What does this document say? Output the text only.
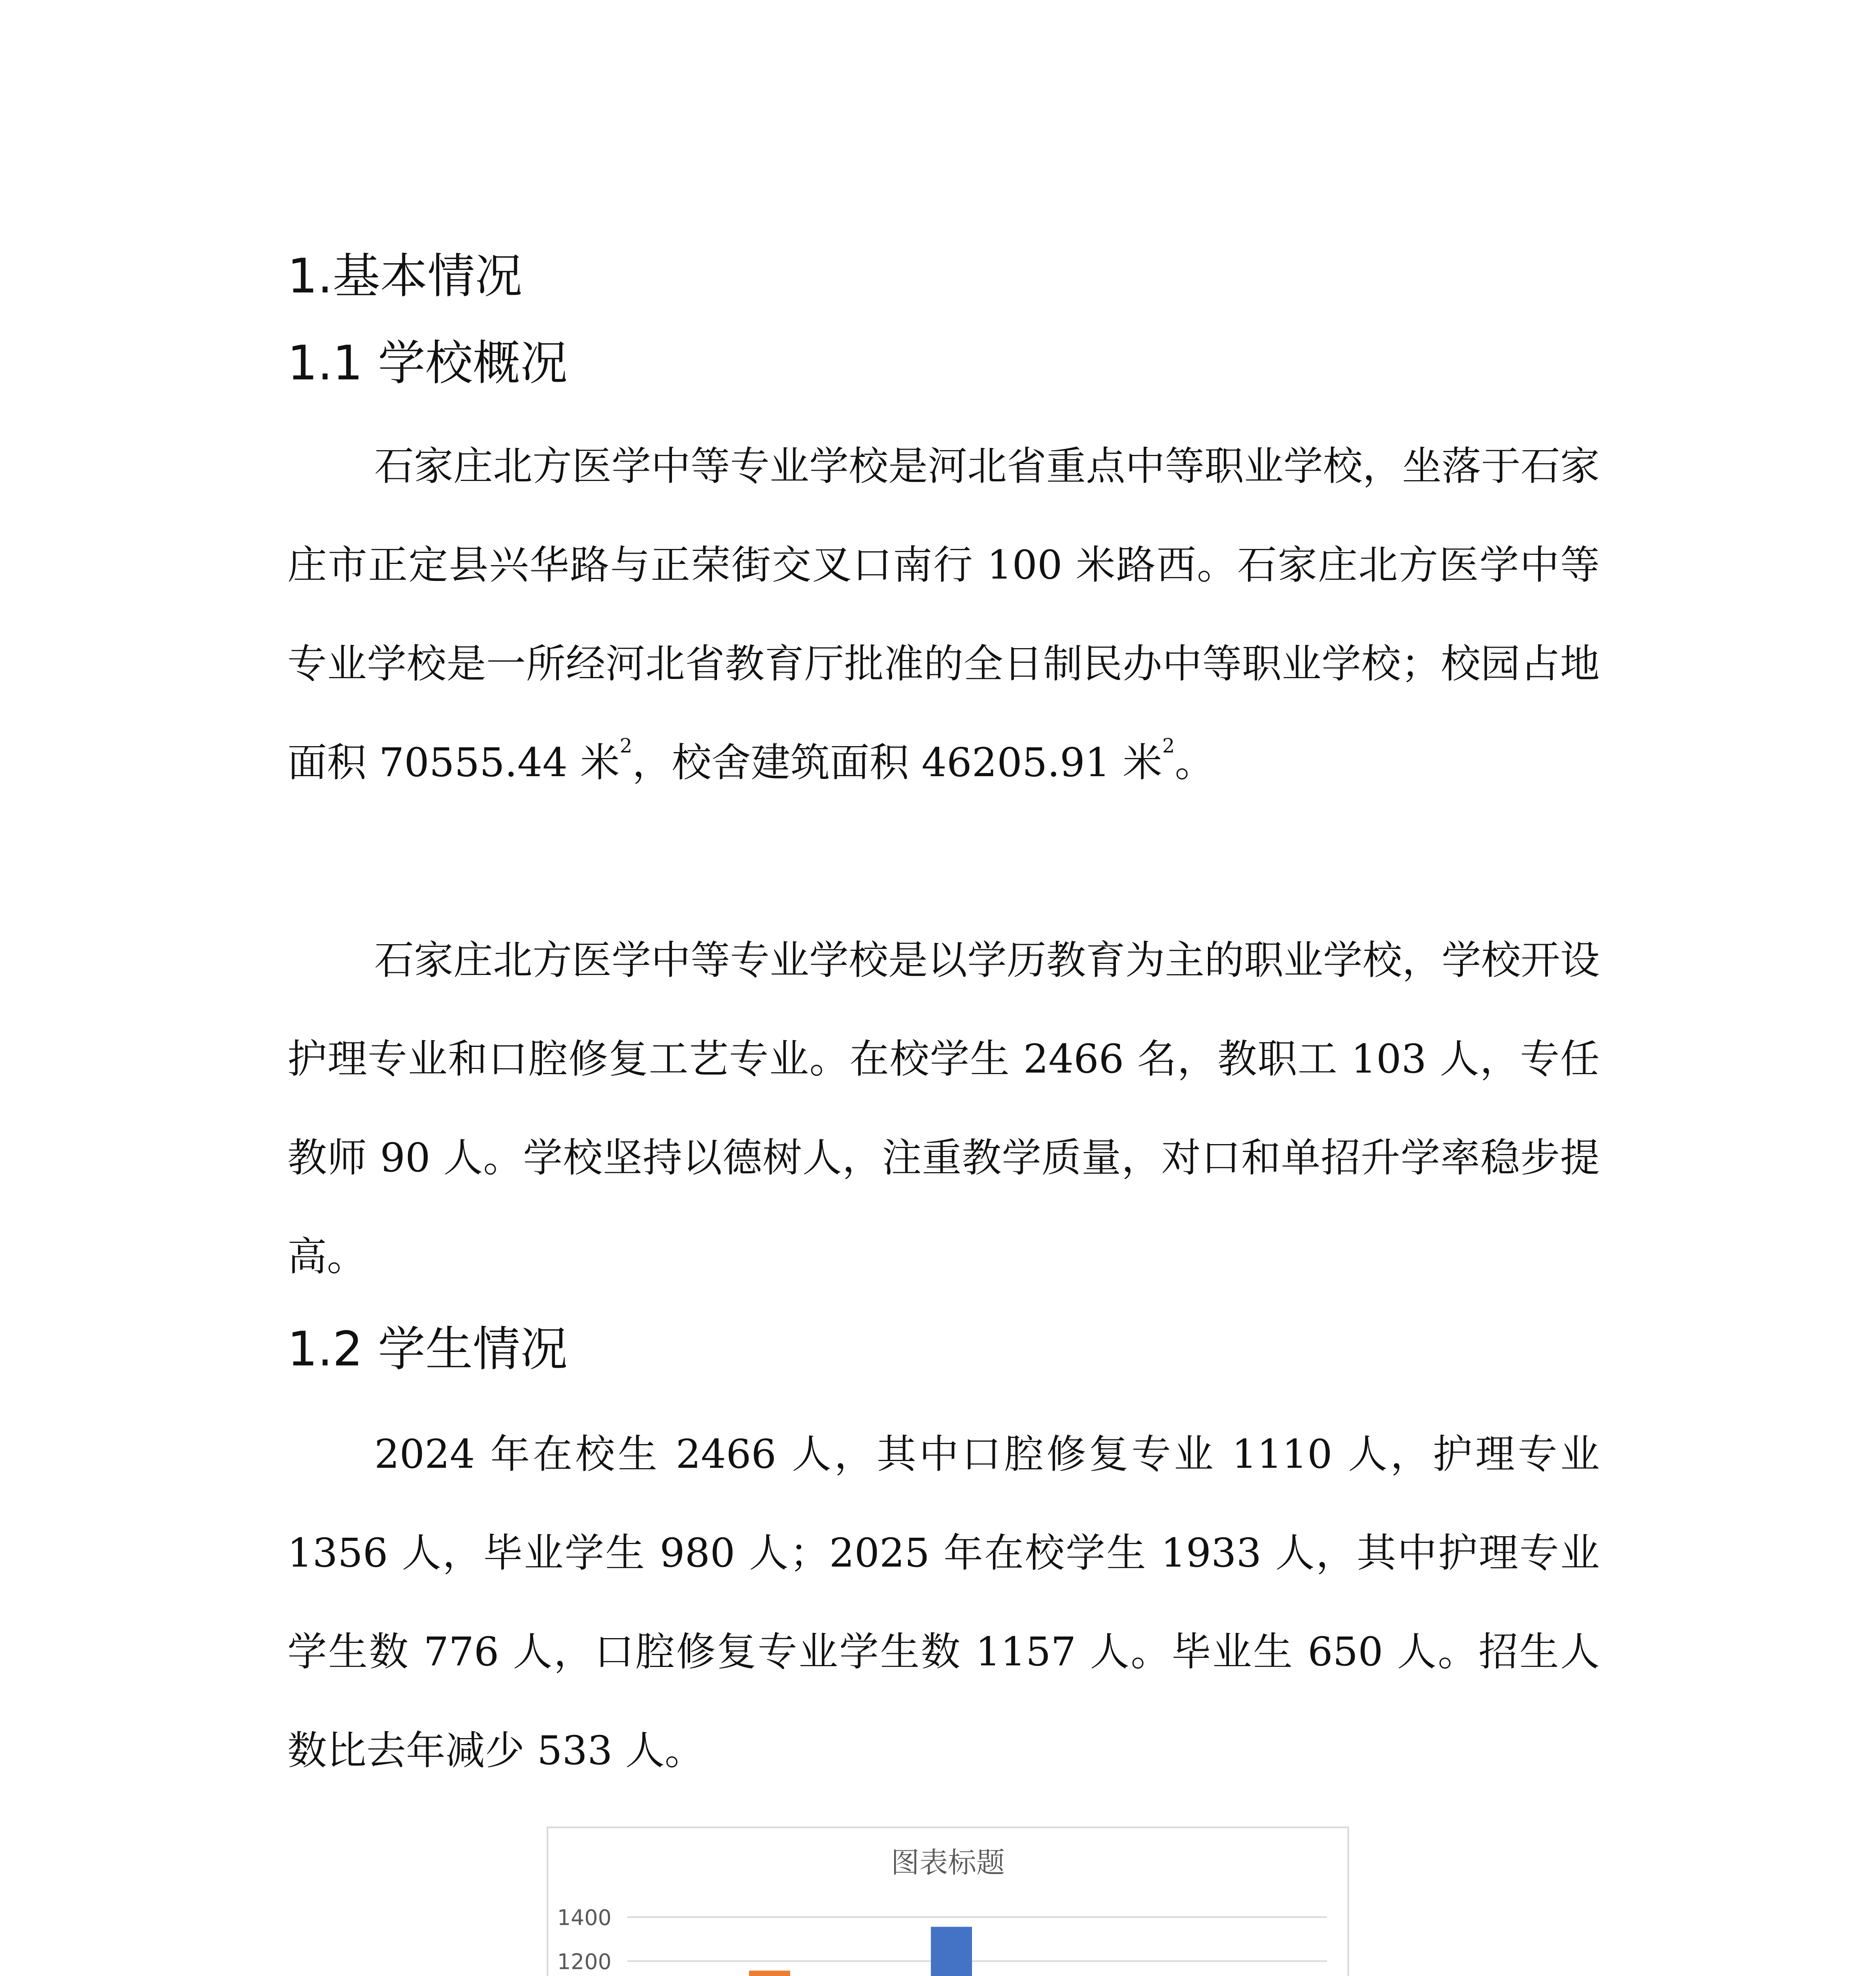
1.基本情况
1.1 学校概况

石家庄北方医学中等专业学校是河北省重点中等职业学校，坐落于石家庄市正定县兴华路与正荣街交叉口南行 100 米路西。石家庄北方医学中等专业学校是一所经河北省教育厅批准的全日制民办中等职业学校；校园占地面积 70555.44 米$^2$，校舍建筑面积 46205.91 米$^2$。

石家庄北方医学中等专业学校是以学历教育为主的职业学校，学校开设护理专业和口腔修复工艺专业。在校学生 2466 名，教职工 103 人，专任教师 90 人。学校坚持以德树人，注重教学质量，对口和单招升学率稳步提高。

1.2 学生情况

2024 年在校生 2466 人，其中口腔修复专业 1110 人，护理专业 1356 人，毕业学生 980 人；2025 年在校学生 1933 人，其中护理专业学生数 776 人，口腔修复专业学生数 1157 人。毕业生 650 人。招生人数比去年减少 533 人。

图表标题
1200
1400
